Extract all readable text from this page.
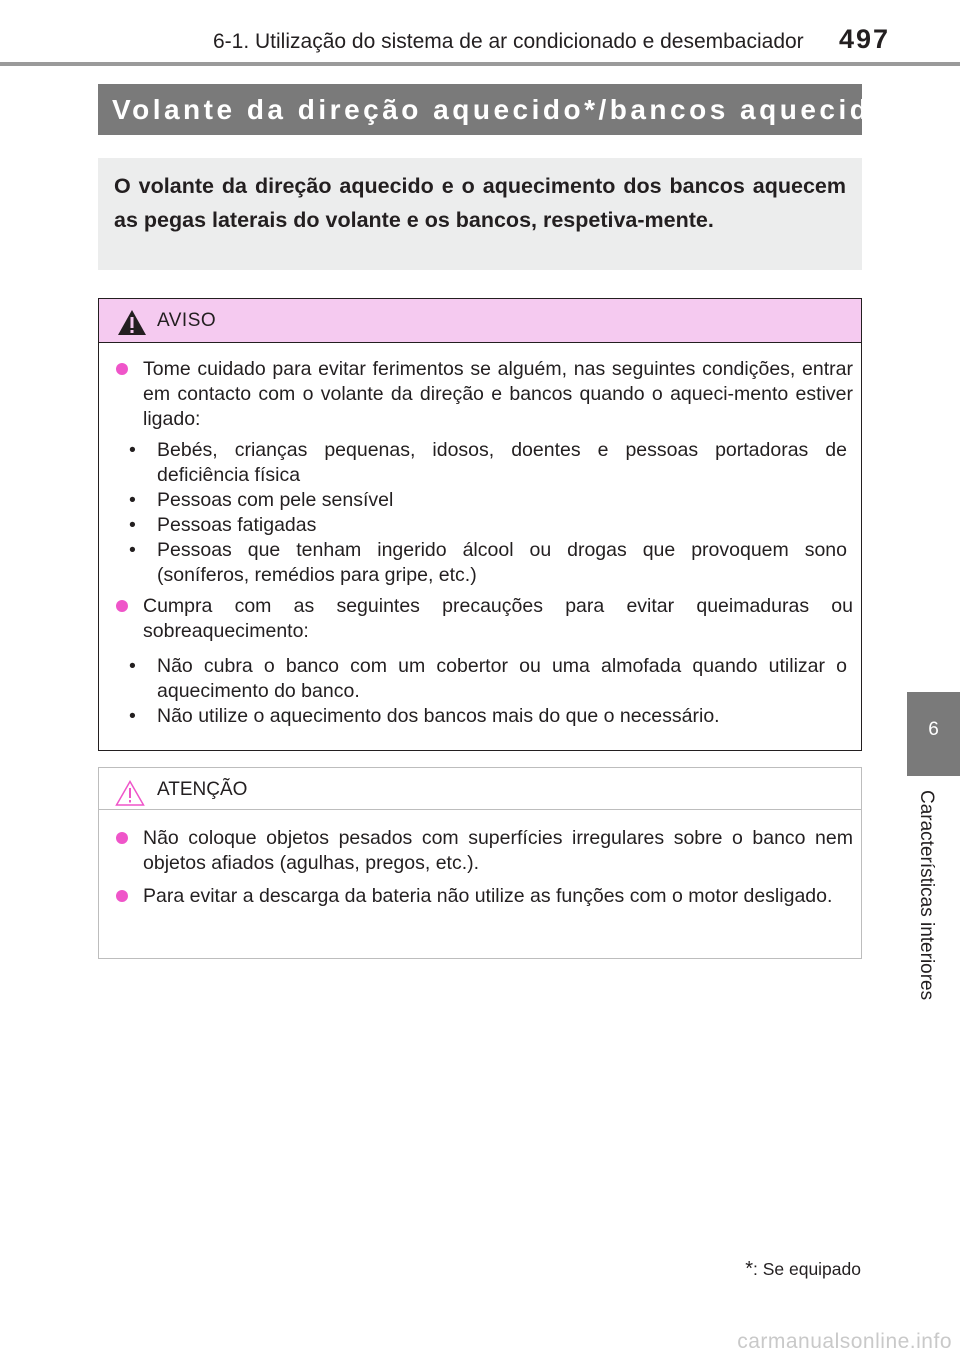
6-1. Utilização do sistema de ar condicionado e desembaciador 497
6
Características interiores
Volante da direção aquecido*/bancos aquecidos*

O volante da direção aquecido e o aquecimento dos bancos aquecem as pegas laterais do volante e os bancos, respetiva-mente.

AVISO
Tome cuidado para evitar ferimentos se alguém, nas seguintes condições, entrar em contacto com o volante da direção e bancos quando o aqueci-mento estiver ligado:
• Bebés, crianças pequenas, idosos, doentes e pessoas portadoras de deficiência física
• Pessoas com pele sensível
• Pessoas fatigadas
• Pessoas que tenham ingerido álcool ou drogas que provoquem sono (soníferos, remédios para gripe, etc.)
Cumpra com as seguintes precauções para evitar queimaduras ou sobreaquecimento:
• Não cubra o banco com um cobertor ou uma almofada quando utilizar o aquecimento do banco.
• Não utilize o aquecimento dos bancos mais do que o necessário.
ATENÇÃO
Não coloque objetos pesados com superfícies irregulares sobre o banco nem objetos afiados (agulhas, pregos, etc.).
Para evitar a descarga da bateria não utilize as funções com o motor desligado.
*: Se equipado
carmanualsonline.info
